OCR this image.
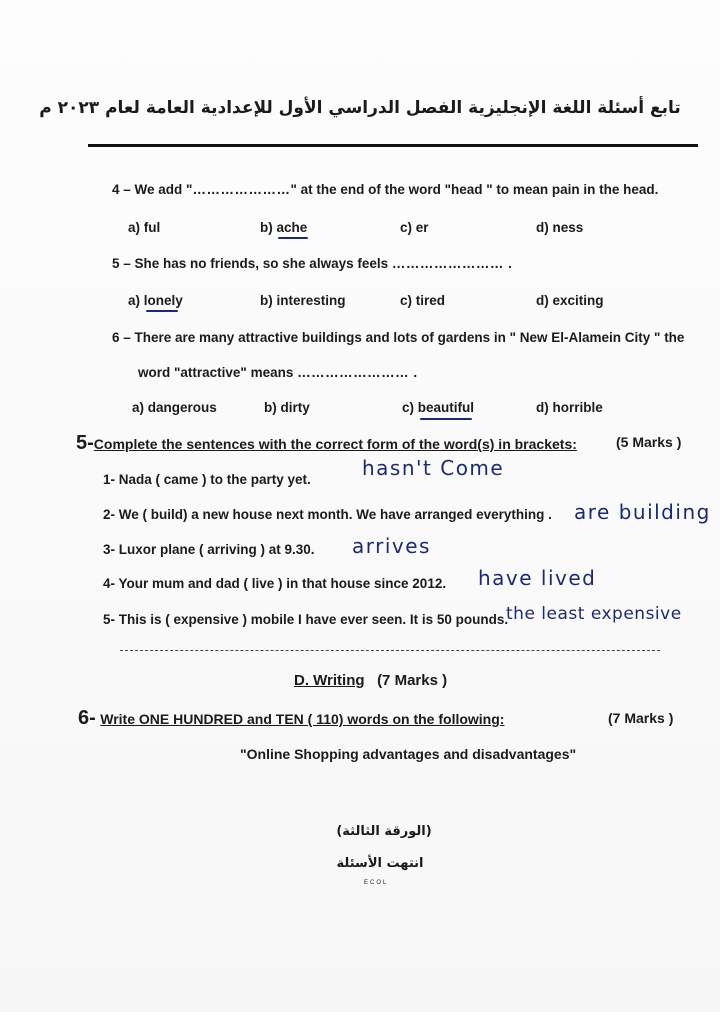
تابع أسئلة اللغة الإنجليزية الفصل الدراسي الأول للإعدادية العامة لعام ٢٠٢٣ م
4 – We add "…………………" at the end of the word "head " to mean pain in the head.
a) ful	b) ache	c) er	d) ness
5 – She has no friends, so she always feels …………………… .
a) lonely	b) interesting	c) tired	d) exciting
6 – There are many attractive buildings and lots of gardens in " New El-Alamein City " the
word "attractive" means …………………… .
a) dangerous	b) dirty	c) beautiful	d) horrible
5-Complete the sentences with the correct form of the word(s) in brackets:	(5 Marks )
1- Nada ( came ) to the party yet.	hasn't Come
2- We ( build) a new house next month. We have arranged everything . are building
3- Luxor plane ( arriving ) at 9.30. arrives
4- Your mum and dad ( live ) in that house since 2012. have lived
5- This is ( expensive ) mobile I have ever seen. It is 50 pounds.
the least expensive
D. Writing (7 Marks )
6- Write ONE HUNDRED and TEN ( 110) words on the following:	(7 Marks )
"Online Shopping advantages and disadvantages"
(الورقة الثالثة)
انتهت الأسئلة
ECOL
